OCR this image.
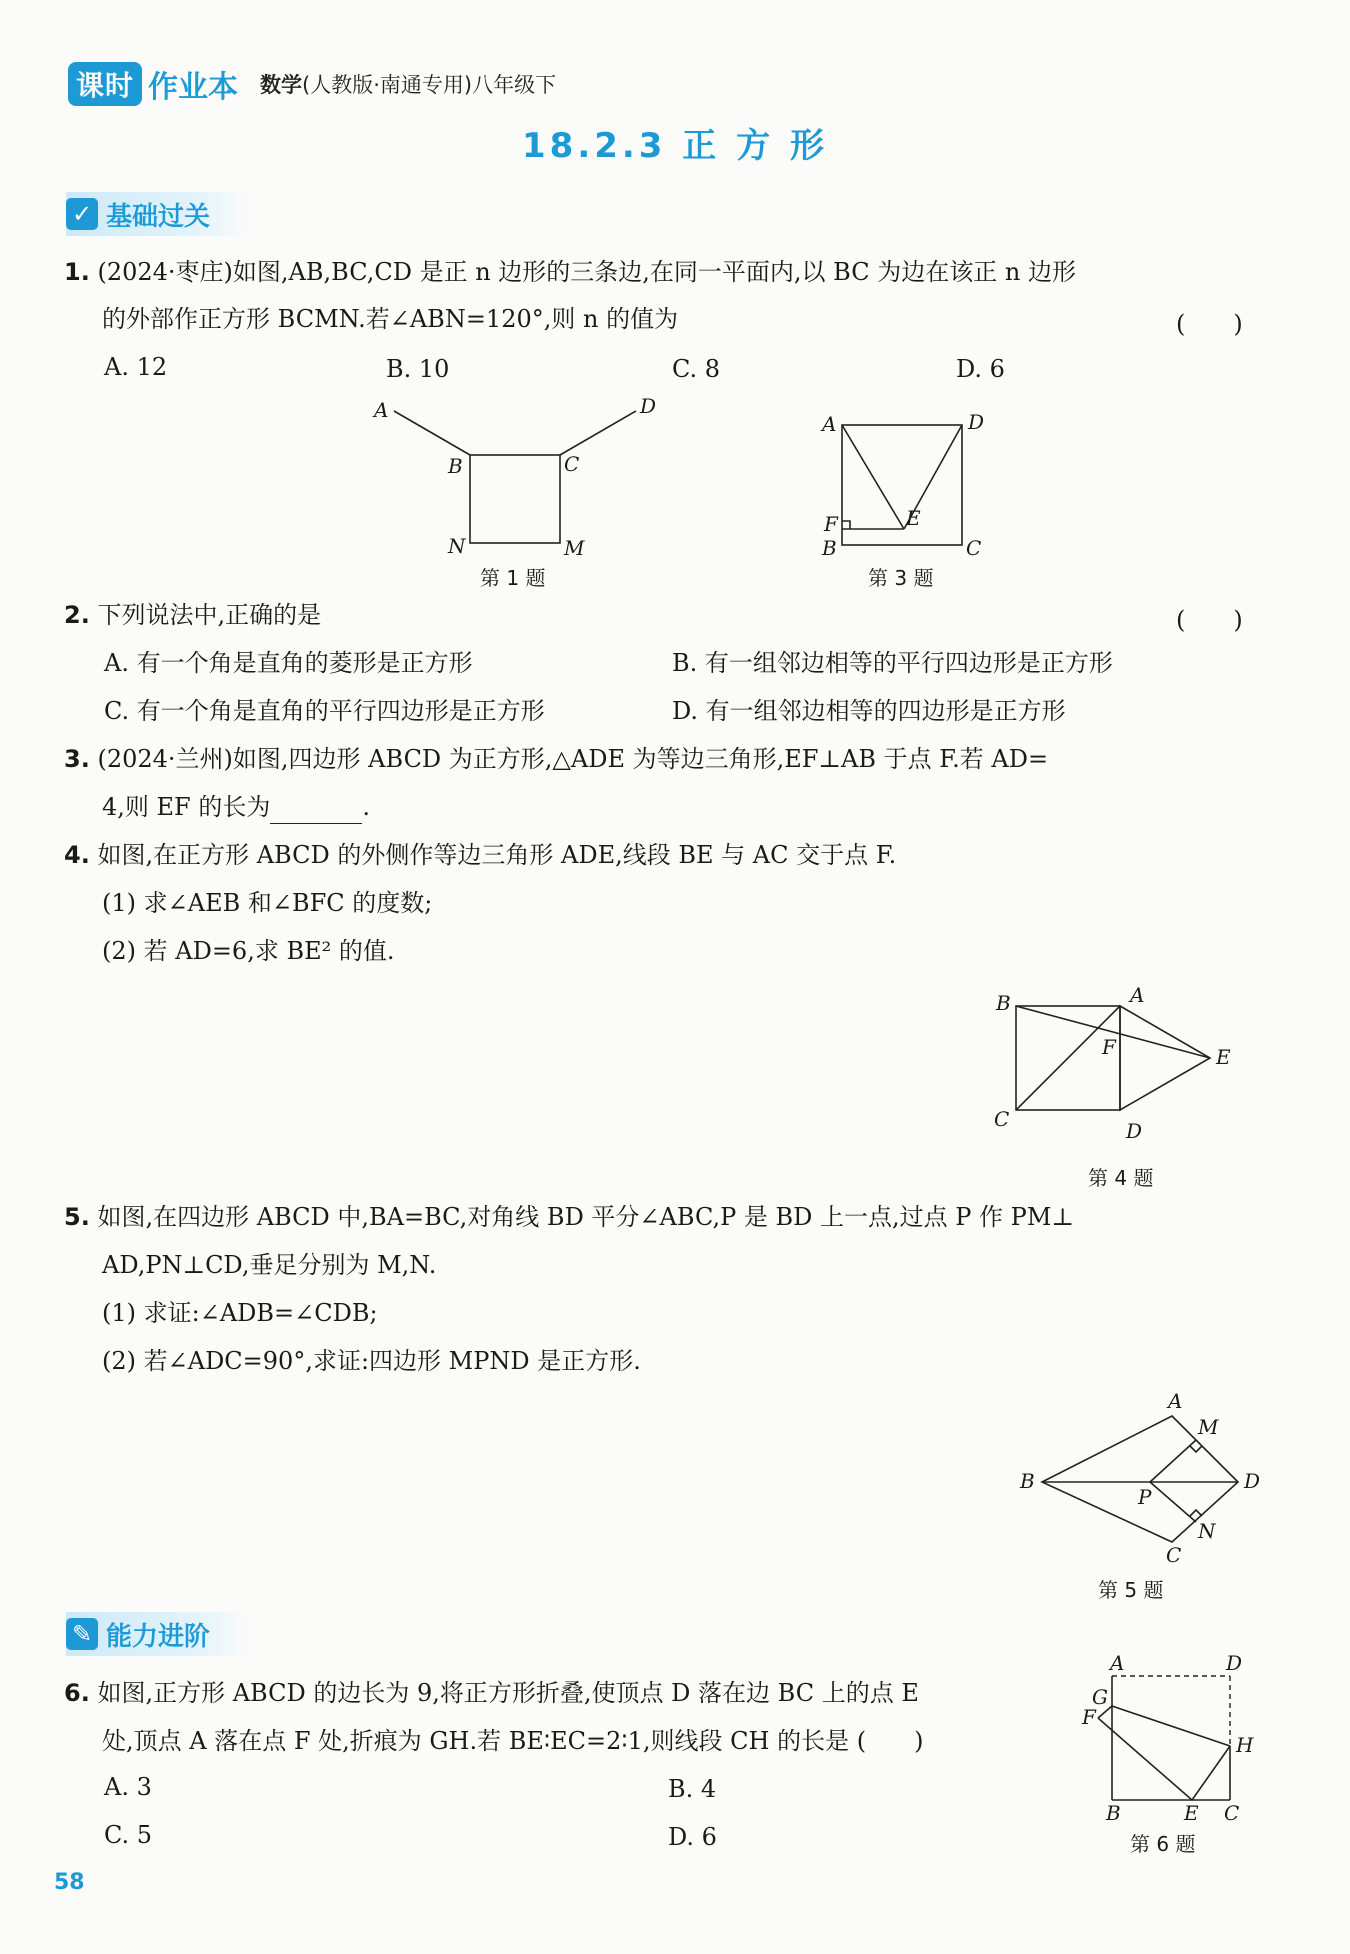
课时 作业本 数学(人教版·南通专用)八年级下
18.2.3 正 方 形
✓ 基础过关
1. (2024·枣庄)如图,AB,BC,CD 是正 n 边形的三条边,在同一平面内,以 BC 为边在该正 n 边形
的外部作正方形 BCMN.若∠ABN=120°,则 n 的值为	(　　)
A. 12	B. 10	C. 8	D. 6
A	D
B	C
N	M
第 1 题
A	D
F	E
B	C
第 3 题
2. 下列说法中,正确的是	(　　)
A. 有一个角是直角的菱形是正方形	B. 有一组邻边相等的平行四边形是正方形
C. 有一个角是直角的平行四边形是正方形	D. 有一组邻边相等的四边形是正方形
3. (2024·兰州)如图,四边形 ABCD 为正方形,△ADE 为等边三角形,EF⊥AB 于点 F.若 AD=
4,则 EF 的长为	.
4. 如图,在正方形 ABCD 的外侧作等边三角形 ADE,线段 BE 与 AC 交于点 F.
(1) 求∠AEB 和∠BFC 的度数;
(2) 若 AD=6,求 BE² 的值.
B	A
F	E
C	D
第 4 题
5. 如图,在四边形 ABCD 中,BA=BC,对角线 BD 平分∠ABC,P 是 BD 上一点,过点 P 作 PM⊥
AD,PN⊥CD,垂足分别为 M,N.
(1) 求证:∠ADB=∠CDB;
(2) 若∠ADC=90°,求证:四边形 MPND 是正方形.
A
M
B
P
D
N
C
第 5 题
✎ 能力进阶
6. 如图,正方形 ABCD 的边长为 9,将正方形折叠,使顶点 D 落在边 BC 上的点 E
处,顶点 A 落在点 F 处,折痕为 GH.若 BE∶EC=2∶1,则线段 CH 的长是 (　　)
A. 3	B. 4
C. 5	D. 6
A	D
G
F
H
B	E C
第 6 题
58
